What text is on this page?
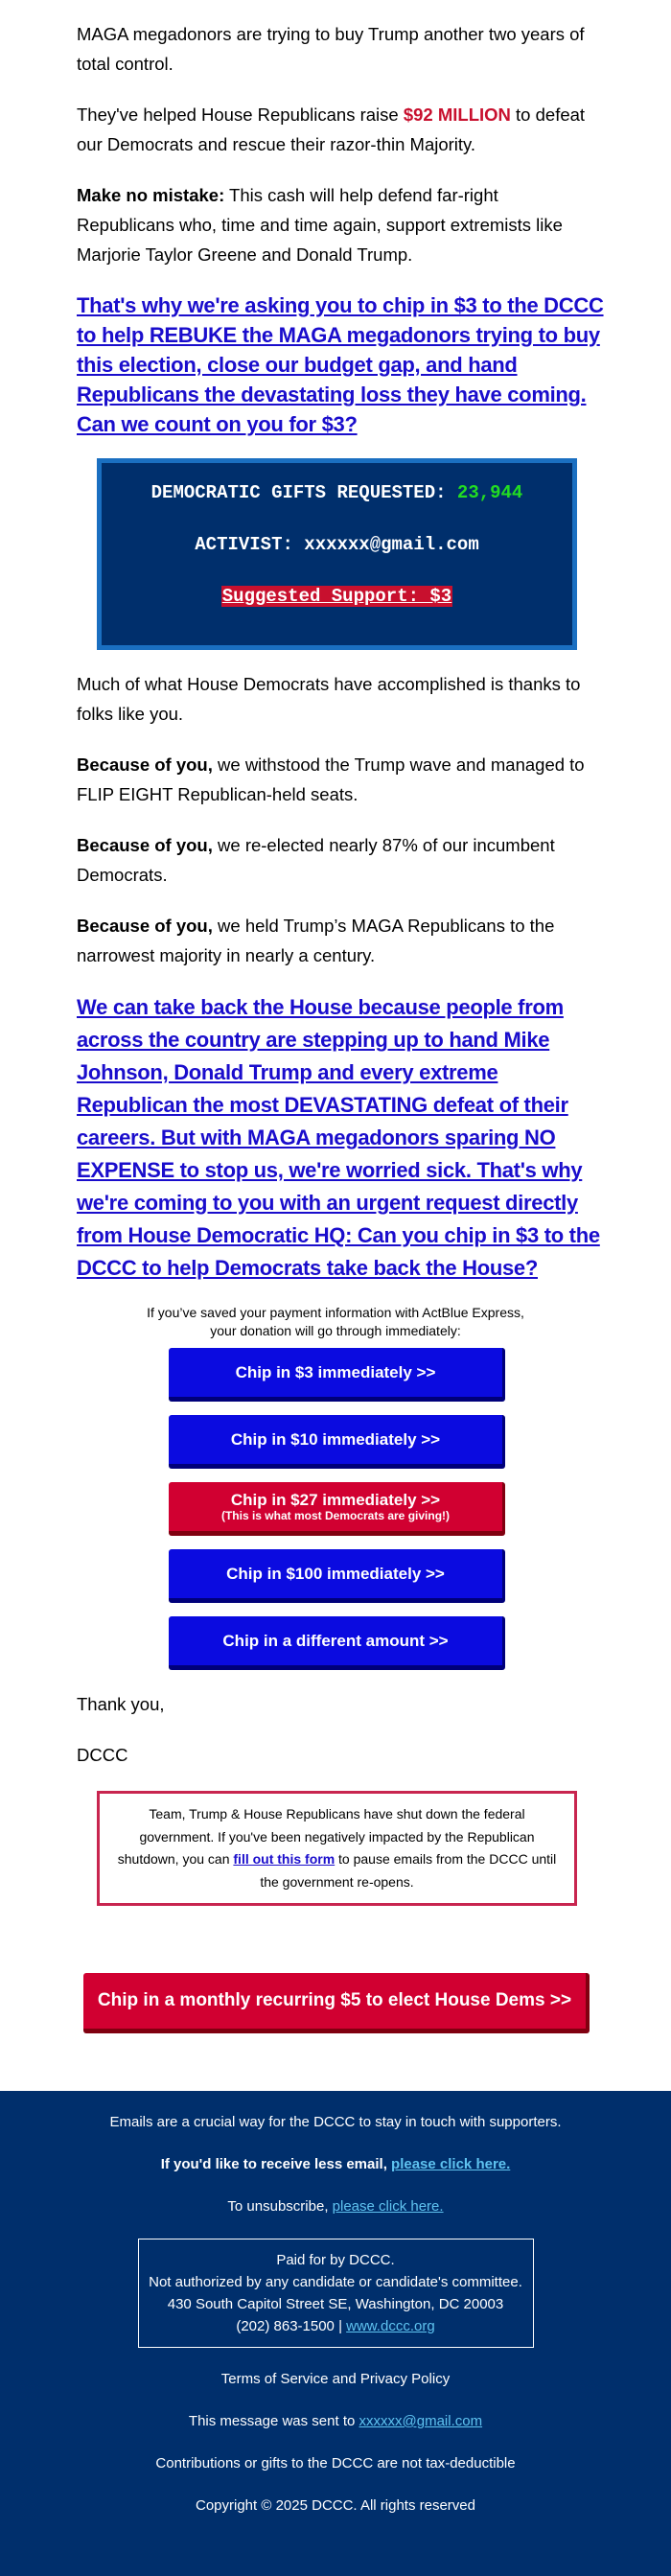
MAGA megadonors are trying to buy Trump another two years of total control.

They've helped House Republicans raise $92 MILLION to defeat our Democrats and rescue their razor-thin Majority.

Make no mistake: This cash will help defend far-right Republicans who, time and time again, support extremists like Marjorie Taylor Greene and Donald Trump.

That's why we're asking you to chip in $3 to the DCCC to help REBUKE the MAGA megadonors trying to buy this election, close our budget gap, and hand Republicans the devastating loss they have coming. Can we count on you for $3?
DEMOCRATIC GIFTS REQUESTED: 23,944
ACTIVIST: xxxxxx@gmail.com
Suggested Support: $3

Much of what House Democrats have accomplished is thanks to folks like you.

Because of you, we withstood the Trump wave and managed to FLIP EIGHT Republican-held seats.

Because of you, we re-elected nearly 87% of our incumbent Democrats.

Because of you, we held Trump’s MAGA Republicans to the narrowest majority in nearly a century.

We can take back the House because people from across the country are stepping up to hand Mike Johnson, Donald Trump and every extreme Republican the most DEVASTATING defeat of their careers. But with MAGA megadonors sparing NO EXPENSE to stop us, we're worried sick. That's why we're coming to you with an urgent request directly from House Democratic HQ: Can you chip in $3 to the DCCC to help Democrats take back the House?
If you’ve saved your payment information with ActBlue Express,
your donation will go through immediately:
Chip in $3 immediately >>
Chip in $10 immediately >>
Chip in $27 immediately >>
(This is what most Democrats are giving!)
Chip in $100 immediately >>
Chip in a different amount >>

Thank you,

DCCC

Team, Trump & House Republicans have shut down the federal government. If you've been negatively impacted by the Republican shutdown, you can fill out this form to pause emails from the DCCC until the government re-opens.
Chip in a monthly recurring $5 to elect House Dems >>
Emails are a crucial way for the DCCC to stay in touch with supporters.
If you'd like to receive less email, please click here.
To unsubscribe, please click here.
Paid for by DCCC.
Not authorized by any candidate or candidate's committee.
430 South Capitol Street SE, Washington, DC 20003
(202) 863-1500 | www.dccc.org
Terms of Service and Privacy Policy
This message was sent to xxxxxx@gmail.com
Contributions or gifts to the DCCC are not tax-deductible
Copyright © 2025 DCCC. All rights reserved
